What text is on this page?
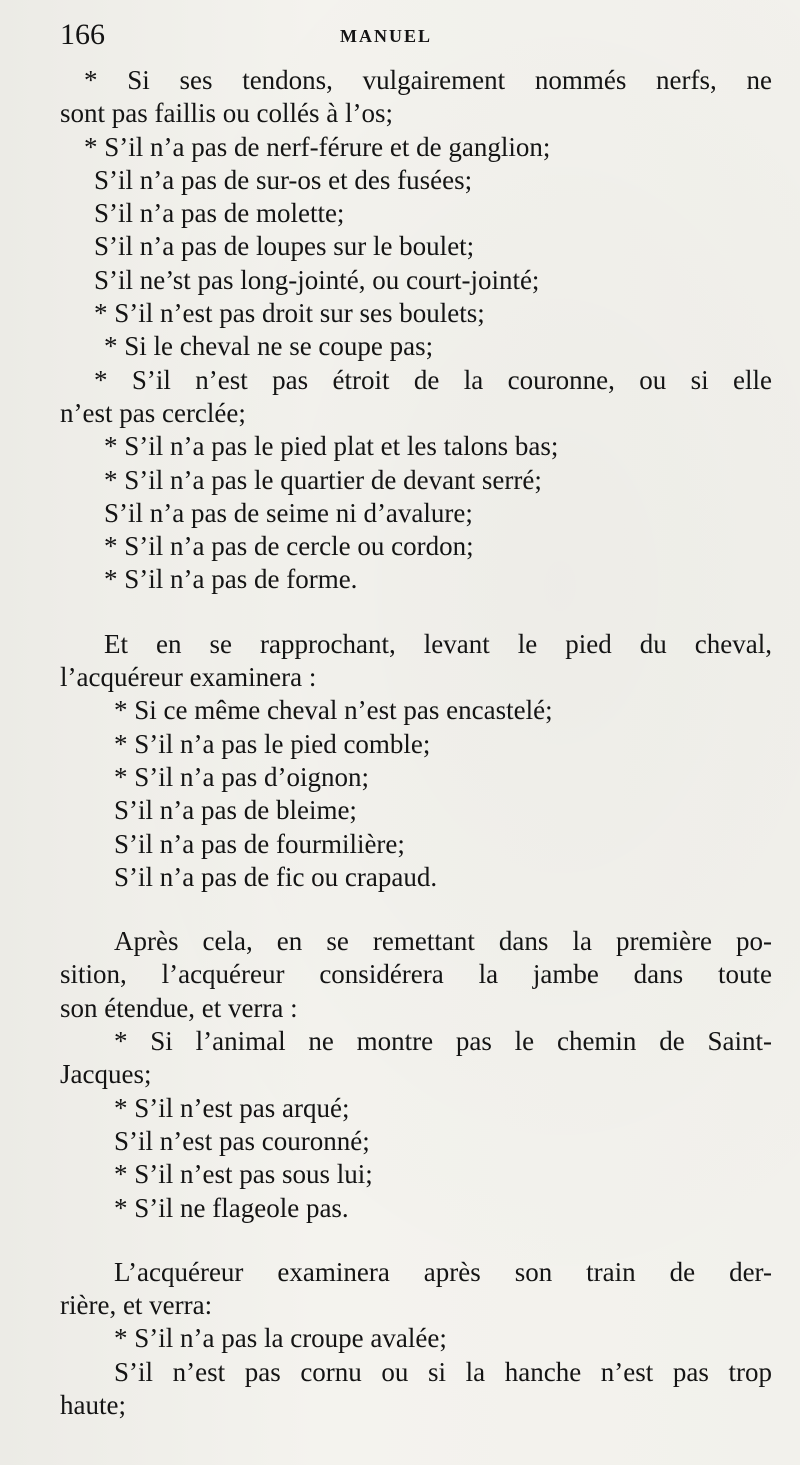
166	MANUEL
* Si ses tendons, vulgairement nommés nerfs, ne
sont pas faillis ou collés à l’os;
* S’il n’a pas de nerf-férure et de ganglion;
S’il n’a pas de sur-os et des fusées;
S’il n’a pas de molette;
S’il n’a pas de loupes sur le boulet;
S’il ne’st pas long-jointé, ou court-jointé;
* S’il n’est pas droit sur ses boulets;
* Si le cheval ne se coupe pas;
* S’il n’est pas étroit de la couronne, ou si elle
n’est pas cerclée;
* S’il n’a pas le pied plat et les talons bas;
* S’il n’a pas le quartier de devant serré;
S’il n’a pas de seime ni d’avalure;
* S’il n’a pas de cercle ou cordon;
* S’il n’a pas de forme.
Et en se rapprochant, levant le pied du cheval,
l’acquéreur examinera :
* Si ce même cheval n’est pas encastelé;
* S’il n’a pas le pied comble;
* S’il n’a pas d’oignon;
S’il n’a pas de bleime;
S’il n’a pas de fourmilière;
S’il n’a pas de fic ou crapaud.
Après cela, en se remettant dans la première po-
sition, l’acquéreur considérera la jambe dans toute
son étendue, et verra :
* Si l’animal ne montre pas le chemin de Saint-
Jacques;
* S’il n’est pas arqué;
S’il n’est pas couronné;
* S’il n’est pas sous lui;
* S’il ne flageole pas.
L’acquéreur examinera après son train de der-
rière, et verra:
* S’il n’a pas la croupe avalée;
S’il n’est pas cornu ou si la hanche n’est pas trop
haute;
